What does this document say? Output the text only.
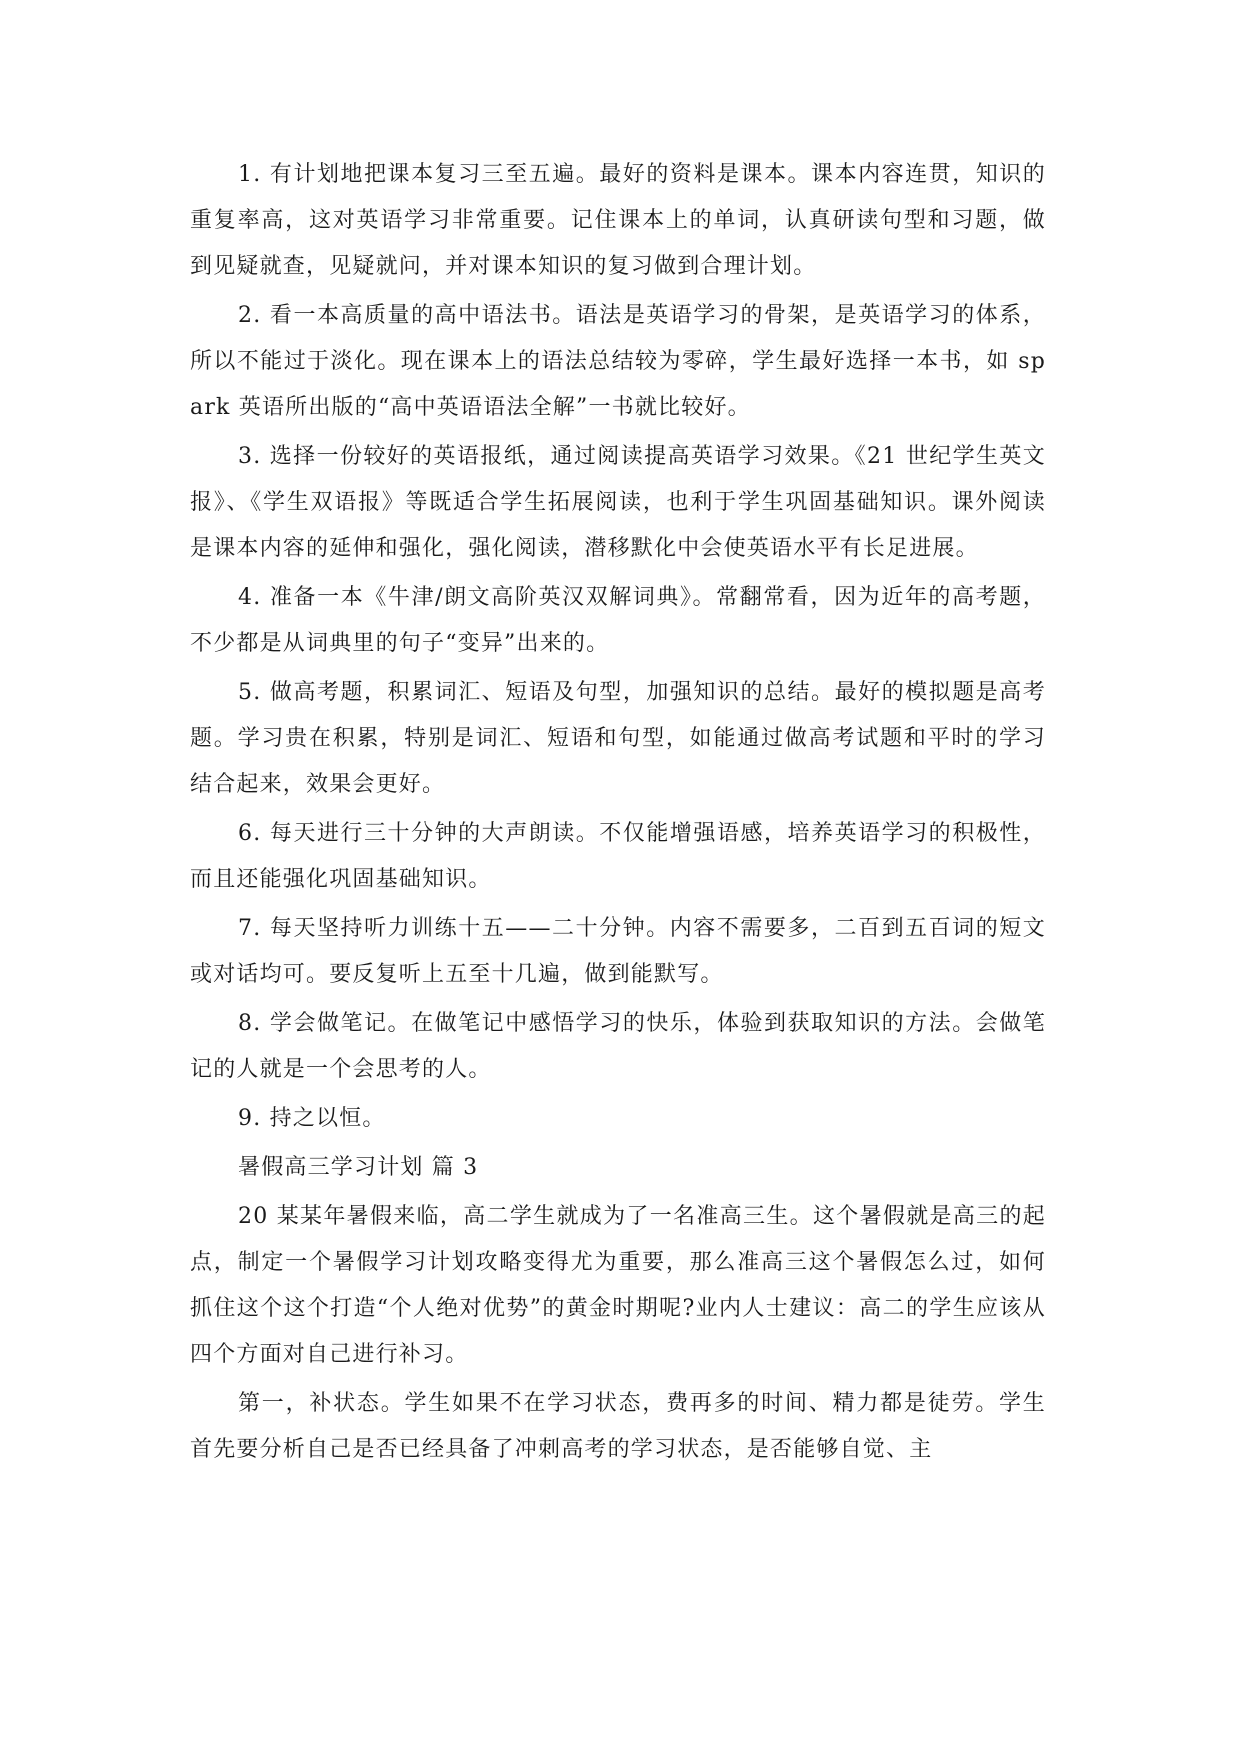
1. 有计划地把课本复习三至五遍。最好的资料是课本。课本内容连贯，知识的重复率高，这对英语学习非常重要。记住课本上的单词，认真研读句型和习题，做到见疑就查，见疑就问，并对课本知识的复习做到合理计划。

2. 看一本高质量的高中语法书。语法是英语学习的骨架，是英语学习的体系，所以不能过于淡化。现在课本上的语法总结较为零碎，学生最好选择一本书，如 spark 英语所出版的“高中英语语法全解”一书就比较好。

3. 选择一份较好的英语报纸，通过阅读提高英语学习效果。《21 世纪学生英文报》、《学生双语报》等既适合学生拓展阅读，也利于学生巩固基础知识。课外阅读是课本内容的延伸和强化，强化阅读，潜移默化中会使英语水平有长足进展。

4. 准备一本《牛津/朗文高阶英汉双解词典》。常翻常看，因为近年的高考题，不少都是从词典里的句子“变异”出来的。

5. 做高考题，积累词汇、短语及句型，加强知识的总结。最好的模拟题是高考题。学习贵在积累，特别是词汇、短语和句型，如能通过做高考试题和平时的学习结合起来，效果会更好。

6. 每天进行三十分钟的大声朗读。不仅能增强语感，培养英语学习的积极性，而且还能强化巩固基础知识。

7. 每天坚持听力训练十五——二十分钟。内容不需要多，二百到五百词的短文或对话均可。要反复听上五至十几遍，做到能默写。

8. 学会做笔记。在做笔记中感悟学习的快乐，体验到获取知识的方法。会做笔记的人就是一个会思考的人。

9. 持之以恒。

暑假高三学习计划 篇 3

20 某某年暑假来临，高二学生就成为了一名准高三生。这个暑假就是高三的起点，制定一个暑假学习计划攻略变得尤为重要，那么准高三这个暑假怎么过，如何抓住这个这个打造“个人绝对优势”的黄金时期呢?业内人士建议：高二的学生应该从四个方面对自己进行补习。

第一，补状态。学生如果不在学习状态，费再多的时间、精力都是徒劳。学生首先要分析自己是否已经具备了冲刺高考的学习状态，是否能够自觉、主
